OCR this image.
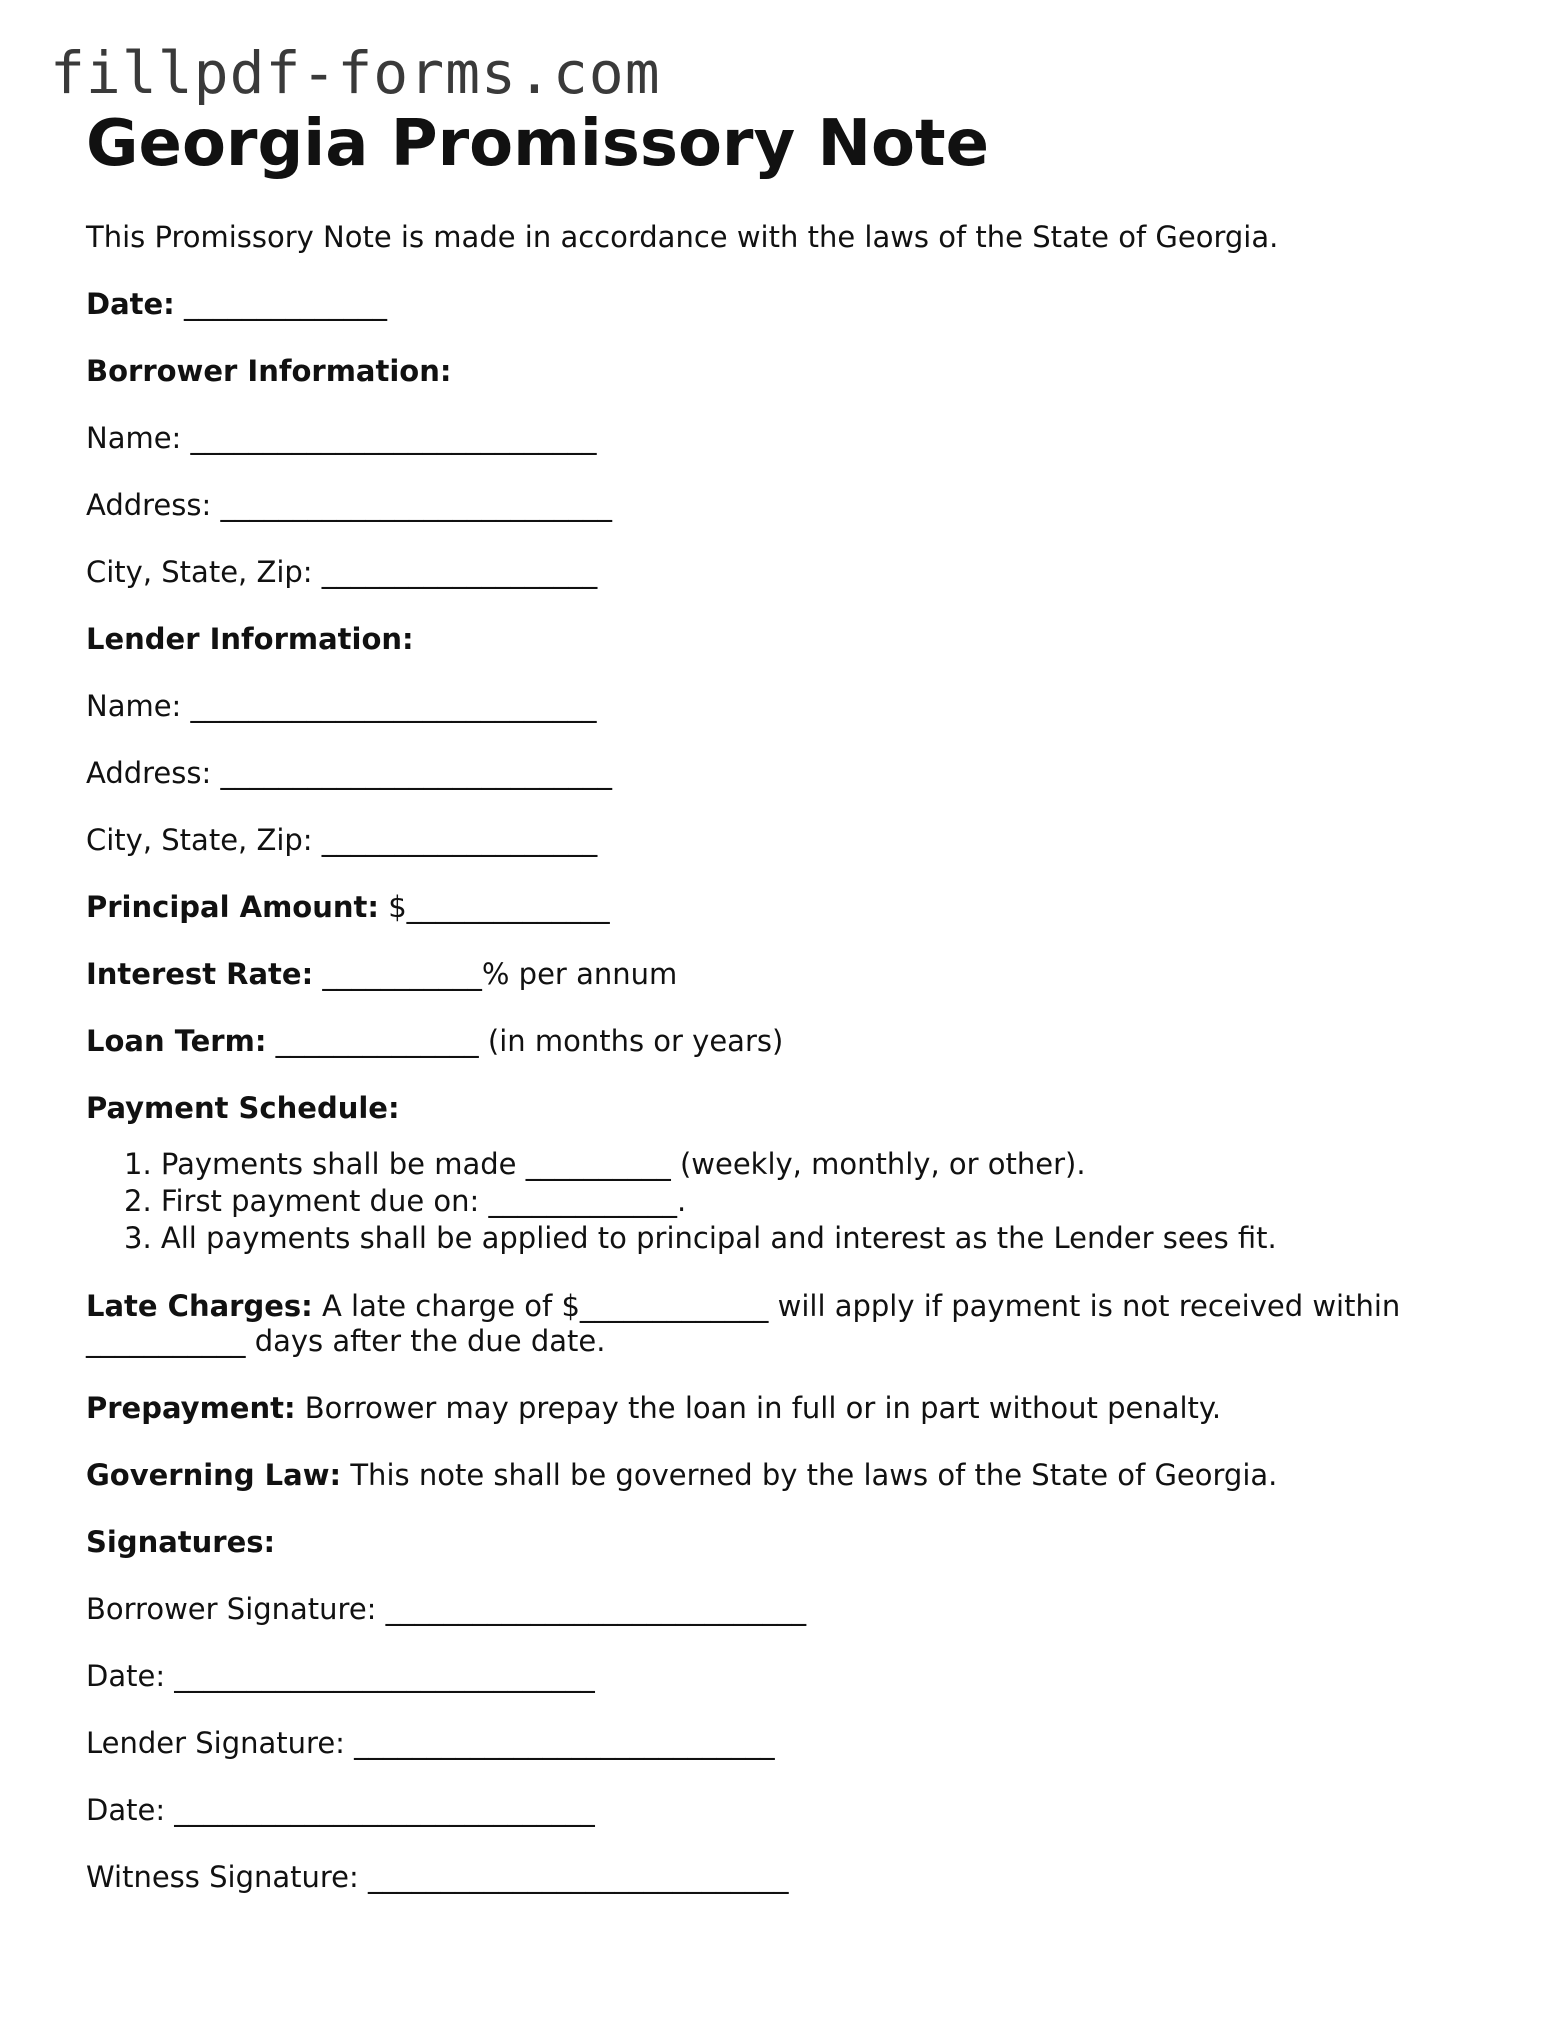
fillpdf-forms.com
Georgia Promissory Note

This Promissory Note is made in accordance with the laws of the State of Georgia.

Date: ______________

Borrower Information:

Name: ____________________________

Address: ___________________________

City, State, Zip: ___________________

Lender Information:

Name: ____________________________

Address: ___________________________

City, State, Zip: ___________________

Principal Amount: $______________

Interest Rate: ___________% per annum

Loan Term: ______________ (in months or years)

Payment Schedule:

1. Payments shall be made __________ (weekly, monthly, or other).
2. First payment due on: _____________.
3. All payments shall be applied to principal and interest as the Lender sees fit.

Late Charges: A late charge of $_____________ will apply if payment is not received within ___________ days after the due date.

Prepayment: Borrower may prepay the loan in full or in part without penalty.

Governing Law: This note shall be governed by the laws of the State of Georgia.

Signatures:

Borrower Signature: _____________________________

Date: _____________________________

Lender Signature: _____________________________

Date: _____________________________

Witness Signature: _____________________________
